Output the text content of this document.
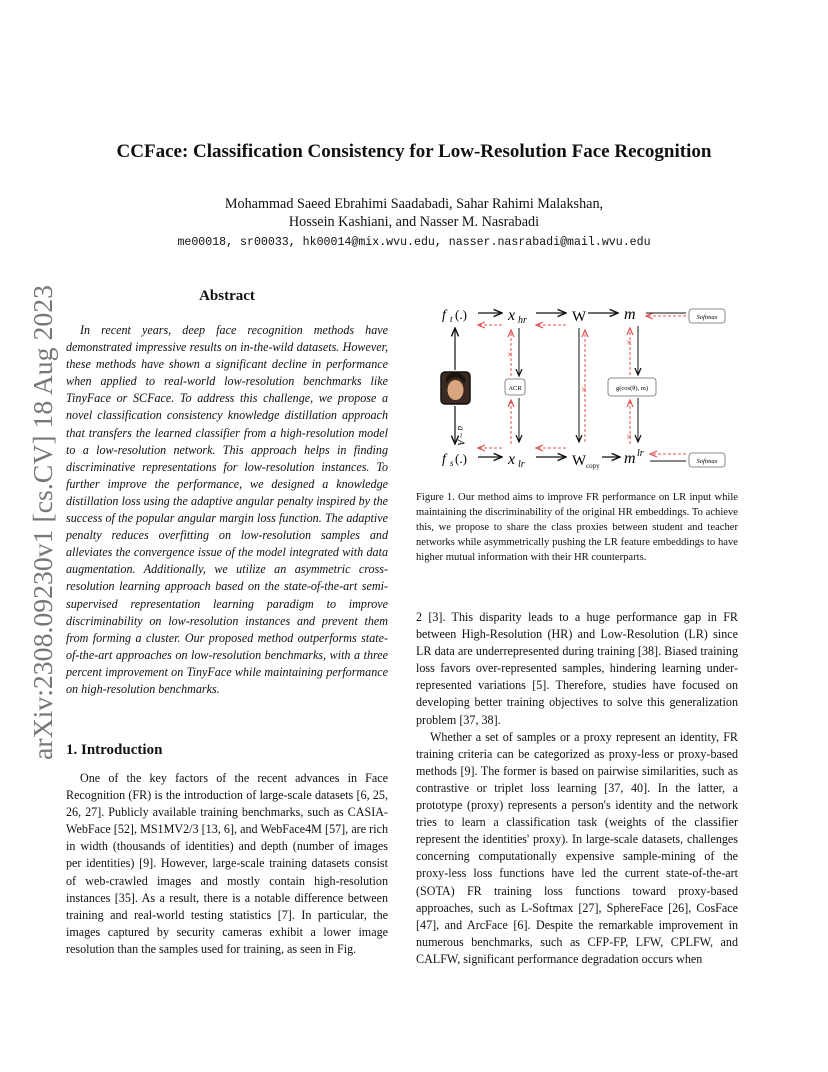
CCFace: Classification Consistency for Low-Resolution Face Recognition
Mohammad Saeed Ebrahimi Saadabadi, Sahar Rahimi Malakshan,
Hossein Kashiani, and Nasser M. Nasrabadi
me00018, sr00033, hk00014@mix.wvu.edu, nasser.nasrabadi@mail.wvu.edu
arXiv:2308.09230v1 [cs.CV] 18 Aug 2023	Abstract

In recent years, deep face recognition methods have demonstrated impressive results on in-the-wild datasets. However, these methods have shown a significant decline in performance when applied to real-world low-resolution benchmarks like TinyFace or SCFace. To address this challenge, we propose a novel classification consistency knowledge distillation approach that transfers the learned classifier from a high-resolution model to a low-resolution network. This approach helps in finding discriminative representations for low-resolution instances. To further improve the performance, we designed a knowledge distillation loss using the adaptive angular penalty inspired by the success of the popular angular margin loss function. The adaptive penalty reduces overfitting on low-resolution samples and alleviates the convergence issue of the model integrated with data augmentation. Additionally, we utilize an asymmetric cross-resolution learning approach based on the state-of-the-art semi-supervised representation learning paradigm to improve discriminability on low-resolution instances and prevent them from forming a cluster. Our proposed method outperforms state-of-the-art approaches on low-resolution benchmarks, with a three percent improvement on TinyFace while maintaining performance on high-resolution benchmarks.

1. Introduction

One of the key factors of the recent advances in Face Recognition (FR) is the introduction of large-scale datasets [6, 25, 26, 27]. Publicly available training benchmarks, such as CASIA-WebFace [52], MS1MV2/3 [13, 6], and WebFace4M [57], are rich in width (thousands of identities) and depth (number of images per identities) [9]. However, large-scale training datasets consist of web-crawled images and mostly contain high-resolution instances [35]. As a result, there is a notable difference between training and real-world testing statistics [7]. In particular, the images captured by security cameras exhibit a lower image resolution than the samples used for training, as seen in Fig.

f t (.)	x hr	W m	Softmax
a ~ A
ACR
×
×	g(cos(θ), m)
×
×
f s (.)	x lr	W copy m lr
Softmax
Figure 1. Our method aims to improve FR performance on LR input while maintaining the discriminability of the original HR embeddings. To achieve this, we propose to share the class proxies between student and teacher networks while asymmetrically pushing the LR feature embeddings to have higher mutual information with their HR counterparts.

2 [3]. This disparity leads to a huge performance gap in FR between High-Resolution (HR) and Low-Resolution (LR) since LR data are underrepresented during training [38]. Biased training loss favors over-represented samples, hindering learning under-represented variations [5]. Therefore, studies have focused on developing better training objectives to solve this generalization problem [37, 38].

Whether a set of samples or a proxy represent an identity, FR training criteria can be categorized as proxy-less or proxy-based methods [9]. The former is based on pairwise similarities, such as contrastive or triplet loss learning [37, 40]. In the latter, a prototype (proxy) represents a person's identity and the network tries to learn a classification task (weights of the classifier represent the identities' proxy). In large-scale datasets, challenges concerning computationally expensive sample-mining of the proxy-less loss functions have led the current state-of-the-art (SOTA) FR training loss functions toward proxy-based approaches, such as L-Softmax [27], SphereFace [26], CosFace [47], and ArcFace [6]. Despite the remarkable improvement in numerous benchmarks, such as CFP-FP, LFW, CPLFW, and CALFW, significant performance degradation occurs when
